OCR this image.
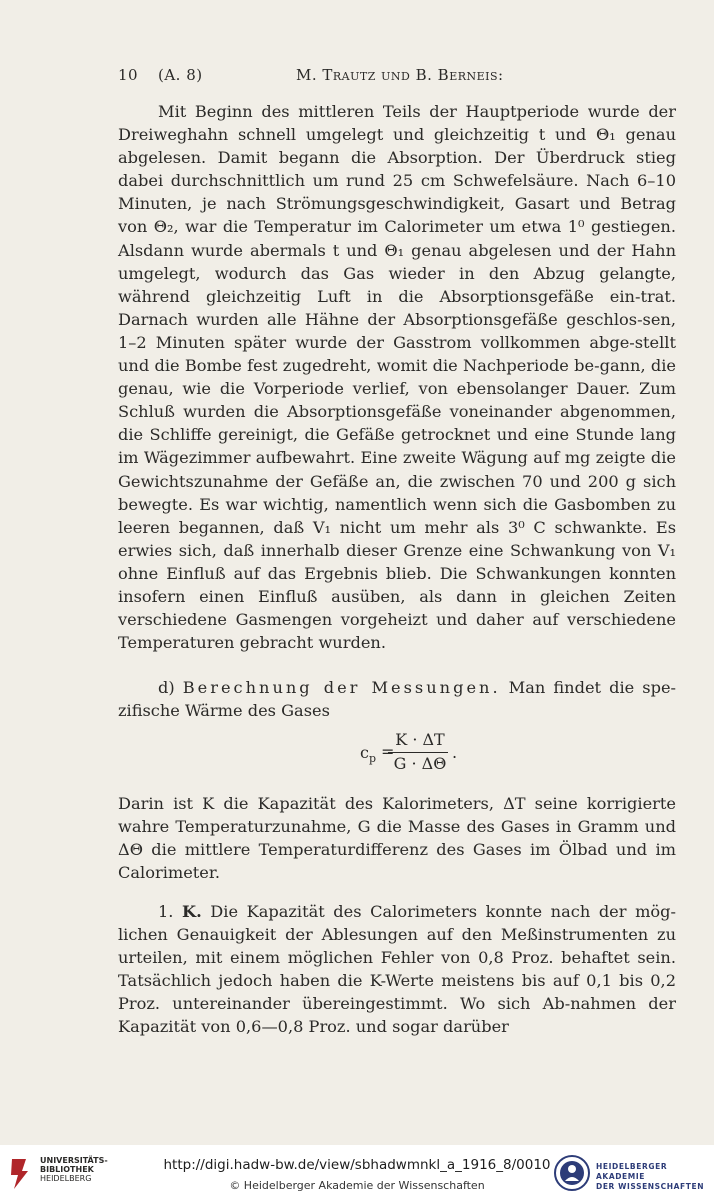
10 (A. 8)	M. Trautz und B. Berneis:

Mit Beginn des mittleren Teils der Hauptperiode wurde der Dreiweghahn schnell umgelegt und gleichzeitig t und Θ₁ genau abgelesen. Damit begann die Absorption. Der Überdruck stieg dabei durchschnittlich um rund 25 cm Schwefelsäure. Nach 6–10 Minuten, je nach Strömungsgeschwindigkeit, Gasart und Betrag von Θ₂, war die Temperatur im Calorimeter um etwa 1⁰ gestiegen. Alsdann wurde abermals t und Θ₁ genau abgelesen und der Hahn umgelegt, wodurch das Gas wieder in den Abzug gelangte, während gleichzeitig Luft in die Absorptionsgefäße ein-trat. Darnach wurden alle Hähne der Absorptionsgefäße geschlos-sen, 1–2 Minuten später wurde der Gasstrom vollkommen abge-stellt und die Bombe fest zugedreht, womit die Nachperiode be-gann, die genau, wie die Vorperiode verlief, von ebensolanger Dauer. Zum Schluß wurden die Absorptionsgefäße voneinander abgenommen, die Schliffe gereinigt, die Gefäße getrocknet und eine Stunde lang im Wägezimmer aufbewahrt. Eine zweite Wägung auf mg zeigte die Gewichtszunahme der Gefäße an, die zwischen 70 und 200 g sich bewegte. Es war wichtig, namentlich wenn sich die Gasbomben zu leeren begannen, daß V₁ nicht um mehr als 3⁰ C schwankte. Es erwies sich, daß innerhalb dieser Grenze eine Schwankung von V₁ ohne Einfluß auf das Ergebnis blieb. Die Schwankungen konnten insofern einen Einfluß ausüben, als dann in gleichen Zeiten verschiedene Gasmengen vorgeheizt und daher auf verschiedene Temperaturen gebracht wurden.

d) Berechnung der Messungen. Man findet die spe-zifische Wärme des Gases

$c_p$ =
K · ΔT
G · ΔΘ
.

Darin ist K die Kapazität des Kalorimeters, ΔT seine korrigierte wahre Temperaturzunahme, G die Masse des Gases in Gramm und ΔΘ die mittlere Temperaturdifferenz des Gases im Ölbad und im Calorimeter.

1. K. Die Kapazität des Calorimeters konnte nach der mög-lichen Genauigkeit der Ablesungen auf den Meßinstrumenten zu urteilen, mit einem möglichen Fehler von 0,8 Proz. behaftet sein. Tatsächlich jedoch haben die K-Werte meistens bis auf 0,1 bis 0,2 Proz. untereinander übereingestimmt. Wo sich Ab-nahmen der Kapazität von 0,6—0,8 Proz. und sogar darüber

UNIVERSITÄTS-
BIBLIOTHEK
HEIDELBERG
http://digi.hadw-bw.de/view/sbhadwmnkl_a_1916_8/0010
© Heidelberger Akademie der Wissenschaften
HEIDELBERGER AKADEMIE
DER WISSENSCHAFTEN
